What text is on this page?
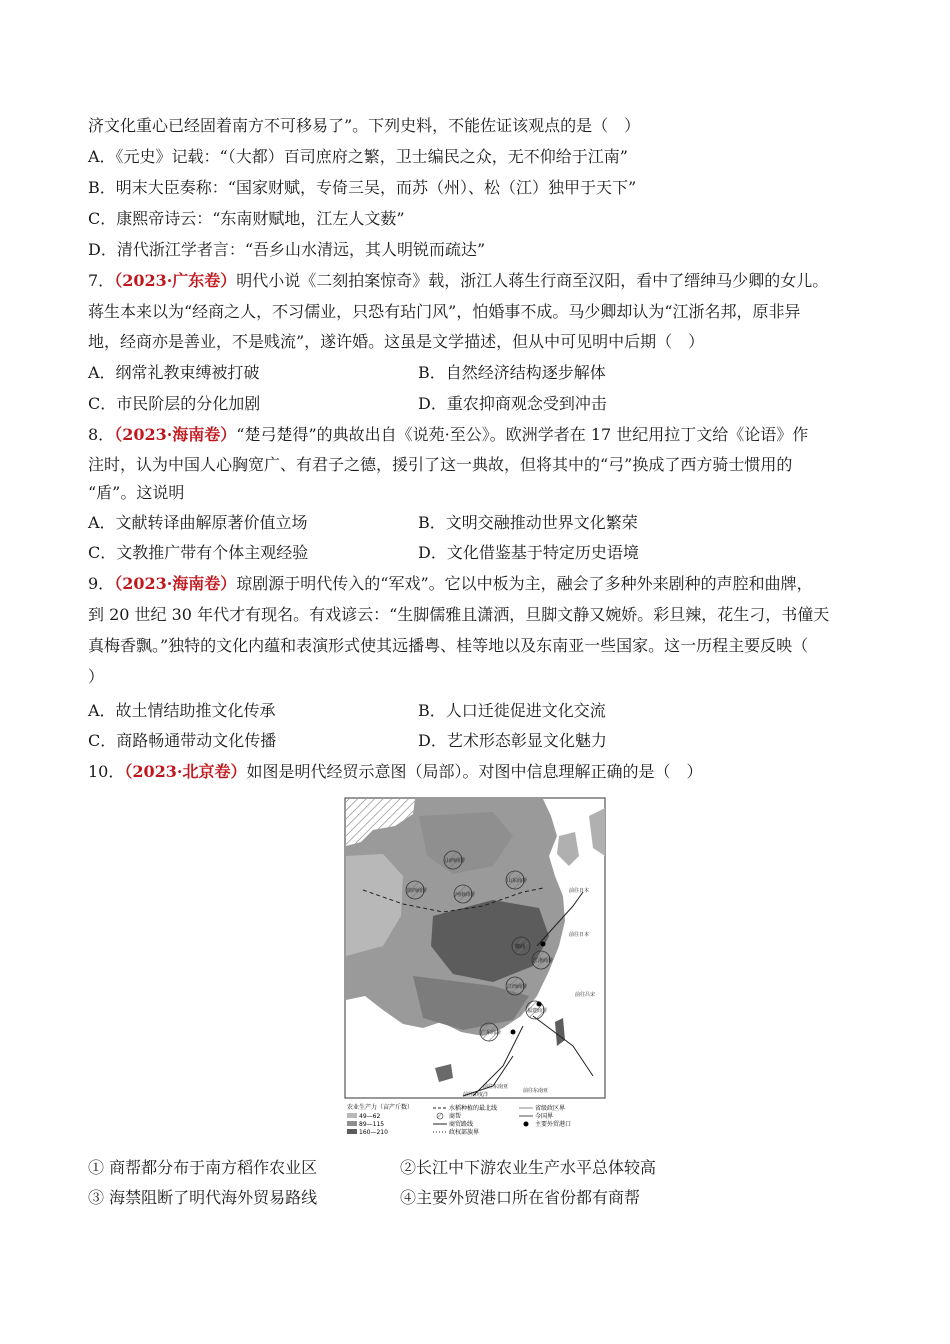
济文化重心已经固着南方不可移易了”。下列史料，不能佐证该观点的是（　）
A．《元史》记载：“（大都）百司庶府之繁，卫士编民之众，无不仰给于江南”
B．明末大臣奏称：“国家财赋，专倚三吴，而苏（州）、松（江）独甲于天下”
C．康熙帝诗云：“东南财赋地，江左人文薮”
D．清代浙江学者言：“吾乡山水清远，其人明锐而疏达”
7．（2023·广东卷）明代小说《二刻拍案惊奇》载，浙江人蒋生行商至汉阳，看中了缙绅马少卿的女儿。
蒋生本来以为“经商之人，不习儒业，只恐有玷门风”，怕婚事不成。马少卿却认为“江浙名邦，原非异
地，经商亦是善业，不是贱流”，遂许婚。这虽是文学描述，但从中可见明中后期（　）
A．纲常礼教束缚被打破	B．自然经济结构逐步解体
C．市民阶层的分化加剧	D．重农抑商观念受到冲击
8．（2023·海南卷）“楚弓楚得”的典故出自《说苑·至公》。欧洲学者在 17 世纪用拉丁文给《论语》作
注时，认为中国人心胸宽广、有君子之德，援引了这一典故，但将其中的“弓”换成了西方骑士惯用的
“盾”。这说明
A．文献转译曲解原著价值立场	B．文明交融推动世界文化繁荣
C．文教推广带有个体主观经验	D．文化借鉴基于特定历史语境
9．（2023·海南卷）琼剧源于明代传入的“军戏”。它以中板为主，融会了多种外来剧种的声腔和曲牌，
到 20 世纪 30 年代才有现名。有戏谚云：“生脚儒雅且潇洒，旦脚文静又婉娇。彩旦辣，花生刁，书僮天
真梅香飘。”独特的文化内蕴和表演形式使其远播粤、桂等地以及东南亚一些国家。这一历程主要反映（
）
A．故土情结助推文化传承	B．人口迁徙促进文化交流
C．商路畅通带动文化传播	D．艺术形态彰显文化魅力
10．（2023·北京卷）如图是明代经贸示意图（局部）。对图中信息理解正确的是（　）
农业生产力（亩产斤数）
49—62
89—115
160—210
水稻种植的最北线
商帮
商贸路线
政权部族界
省级政区界
今国界
主要外贸港口
山西商帮
陕西商帮
河南商帮
山东商帮
徽商
江浙商帮
江西商帮
福建商帮
广东商帮
前往日本
前往日本
前往吕宋
前往东南亚
前往东南亚
前往印度洋
① 商帮都分布于南方稻作农业区	②长江中下游农业生产水平总体较高
③ 海禁阻断了明代海外贸易路线	④主要外贸港口所在省份都有商帮
